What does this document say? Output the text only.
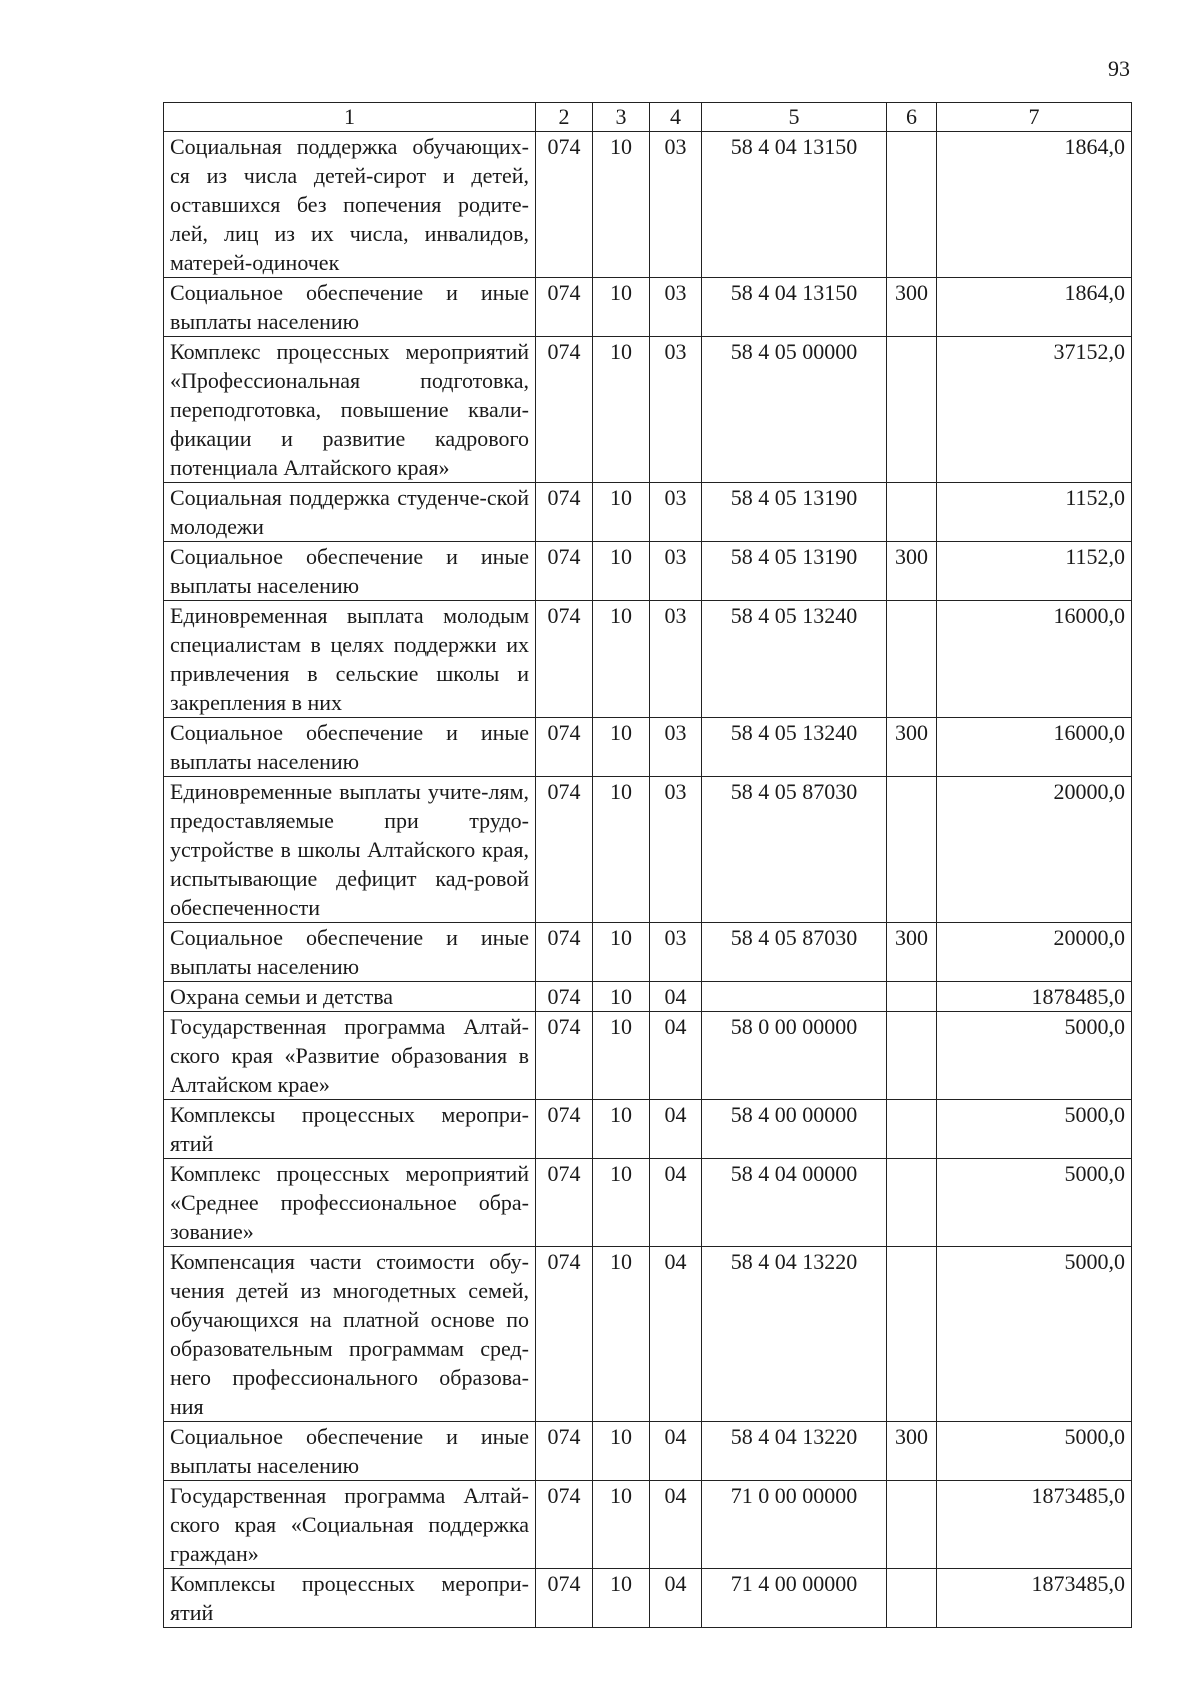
93
1	2	3	4	5	6	7
Социальная поддержка обучающих-ся из числа детей-сирот и детей, оставшихся без попечения родите-лей, лиц из их числа, инвалидов, матерей-одиночек	074	10	03	58 4 04 13150		1864,0
Социальное обеспечение и иные выплаты населению	074	10	03	58 4 04 13150	300	1864,0
Комплекс процессных мероприятий «Профессиональная подготовка, переподготовка, повышение квали-фикации и развитие кадрового потенциала Алтайского края»	074	10	03	58 4 05 00000		37152,0
Социальная поддержка студенче-ской молодежи	074	10	03	58 4 05 13190		1152,0
Социальное обеспечение и иные выплаты населению	074	10	03	58 4 05 13190	300	1152,0
Единовременная выплата молодым специалистам в целях поддержки их привлечения в сельские школы и закрепления в них	074	10	03	58 4 05 13240		16000,0
Социальное обеспечение и иные выплаты населению	074	10	03	58 4 05 13240	300	16000,0
Единовременные выплаты учите-лям, предоставляемые при трудо-устройстве в школы Алтайского края, испытывающие дефицит кад-ровой обеспеченности	074	10	03	58 4 05 87030		20000,0
Социальное обеспечение и иные выплаты населению	074	10	03	58 4 05 87030	300	20000,0
Охрана семьи и детства	074	10	04			1878485,0
Государственная программа Алтай-ского края «Развитие образования в Алтайском крае»	074	10	04	58 0 00 00000		5000,0
Комплексы процессных меропри-ятий	074	10	04	58 4 00 00000		5000,0
Комплекс процессных мероприятий «Среднее профессиональное обра-зование»	074	10	04	58 4 04 00000		5000,0
Компенсация части стоимости обу-чения детей из многодетных семей, обучающихся на платной основе по образовательным программам сред-него профессионального образова-ния	074	10	04	58 4 04 13220		5000,0
Социальное обеспечение и иные выплаты населению	074	10	04	58 4 04 13220	300	5000,0
Государственная программа Алтай-ского края «Социальная поддержка граждан»	074	10	04	71 0 00 00000		1873485,0
Комплексы процессных меропри-ятий	074	10	04	71 4 00 00000		1873485,0
